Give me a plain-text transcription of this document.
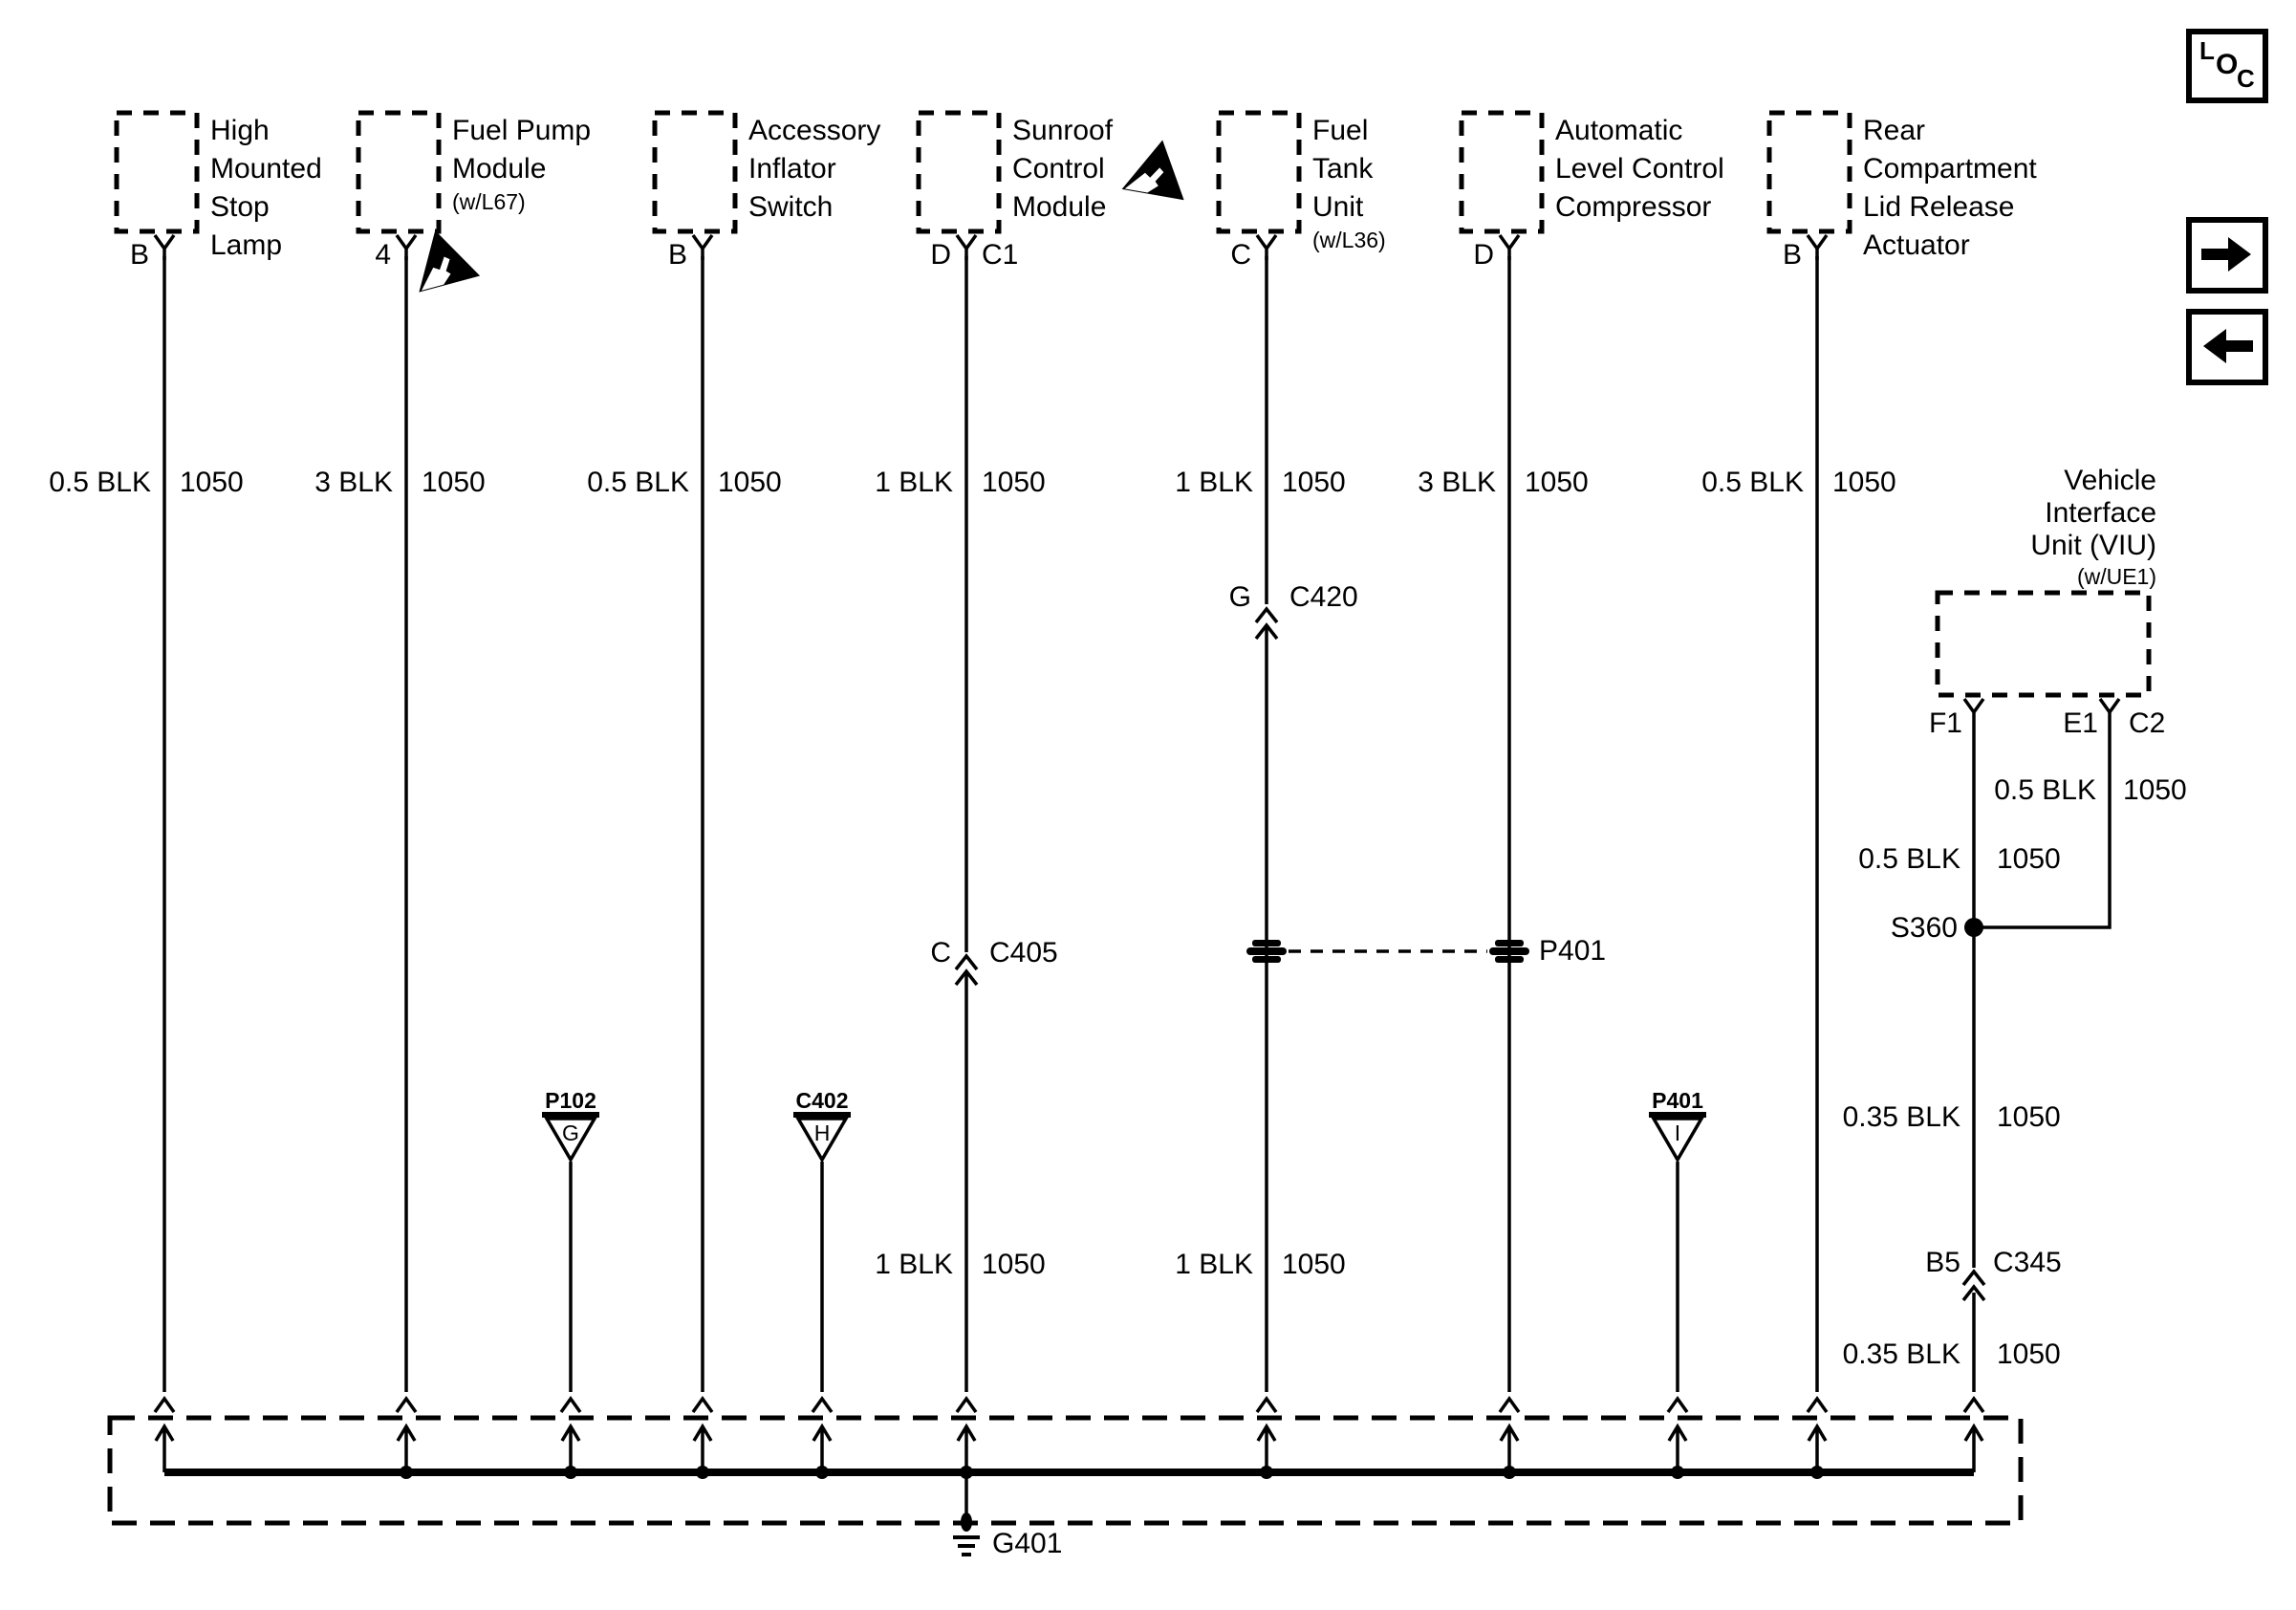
High
Mounted
Stop
Lamp
Fuel Pump
Module
(w/L67)
Accessory
Inflator
Switch
Sunroof
Control
Module
Fuel
Tank
Unit
(w/L36)
Automatic
Level Control
Compressor
Rear
Compartment
Lid Release
Actuator
B	4	B	D C1	C	D	B
0.5 BLK 1050 3 BLK 1050	0.5 BLK 1050	1 BLK 1050	1 BLK 1050	3 BLK 1050	0.5 BLK 1050
G C420
C C405	P401
S360
Vehicle
Interface
Unit (VIU)
(w/UE1)
F1	E1 C2
0.5 BLK 1050
0.5 BLK 1050
0.35 BLK 1050
B5 C345
0.35 BLK 1050
1 BLK 1050	1 BLK 1050
P102
G
C402
H
P401
I
G401
L O
C
